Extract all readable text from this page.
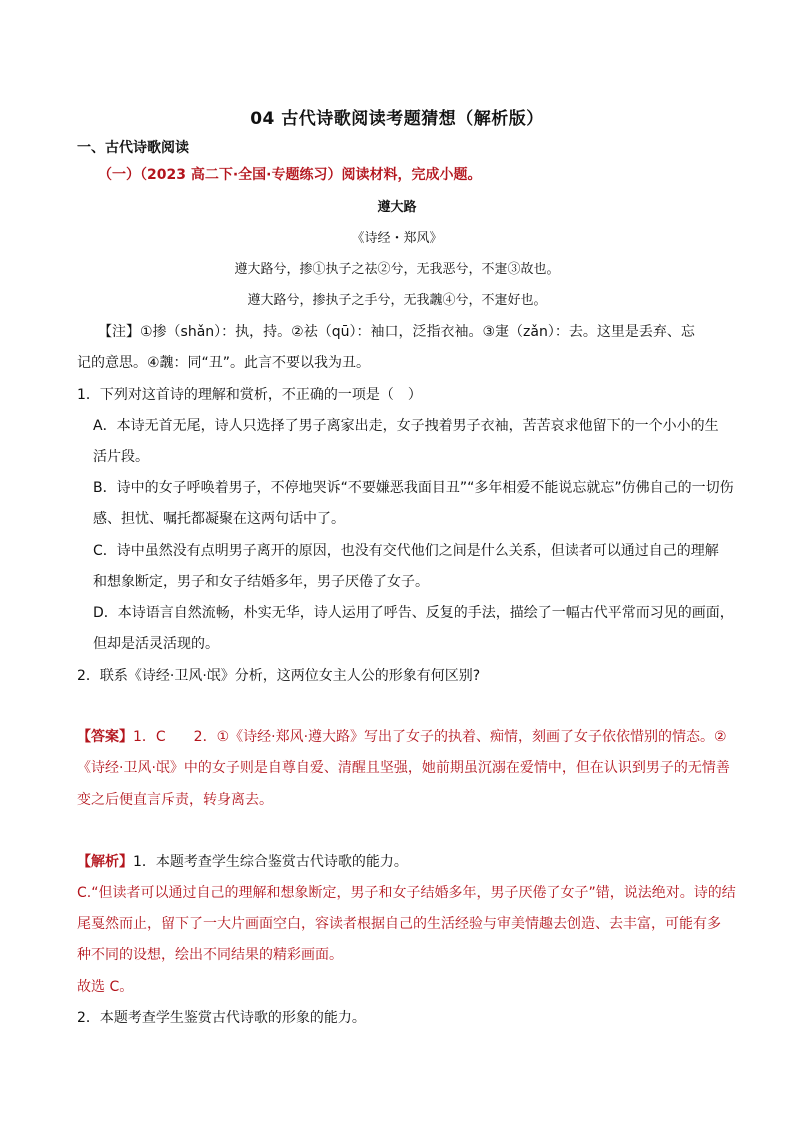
04 古代诗歌阅读考题猜想（解析版）
一、古代诗歌阅读
（一）（2023 高二下·全国·专题练习）阅读材料，完成小题。
遵大路
《诗经・郑风》
遵大路兮，掺①执子之祛②兮，无我恶兮，不寁③故也。
遵大路兮，掺执子之手兮，无我魗④兮，不寁好也。
【注】①掺（shǎn）：执，持。②祛（qū）：袖口，泛指衣袖。③寁（zǎn）：去。这里是丢弃、忘
记的意思。④魗：同“丑”。此言不要以我为丑。
1．下列对这首诗的理解和赏析，不正确的一项是（　）
A．本诗无首无尾，诗人只选择了男子离家出走，女子拽着男子衣袖，苦苦哀求他留下的一个小小的生
活片段。
B．诗中的女子呼唤着男子，不停地哭诉“不要嫌恶我面目丑”“多年相爱不能说忘就忘”仿佛自己的一切伤
感、担忧、嘱托都凝聚在这两句话中了。
C．诗中虽然没有点明男子离开的原因，也没有交代他们之间是什么关系，但读者可以通过自己的理解
和想象断定，男子和女子结婚多年，男子厌倦了女子。
D．本诗语言自然流畅，朴实无华，诗人运用了呼告、反复的手法，描绘了一幅古代平常而习见的画面，
但却是活灵活现的。
2．联系《诗经·卫风·氓》分析，这两位女主人公的形象有何区别?
【答案】1．C　　2．①《诗经·郑风·遵大路》写出了女子的执着、痴情，刻画了女子依依惜别的情态。②
《诗经·卫风·氓》中的女子则是自尊自爱、清醒且坚强，她前期虽沉溺在爱情中，但在认识到男子的无情善
变之后便直言斥责，转身离去。
【解析】1．本题考查学生综合鉴赏古代诗歌的能力。
C.“但读者可以通过自己的理解和想象断定，男子和女子结婚多年，男子厌倦了女子”错，说法绝对。诗的结
尾戛然而止，留下了一大片画面空白，容读者根据自己的生活经验与审美情趣去创造、去丰富，可能有多
种不同的设想，绘出不同结果的精彩画面。
故选 C。
2．本题考查学生鉴赏古代诗歌的形象的能力。
